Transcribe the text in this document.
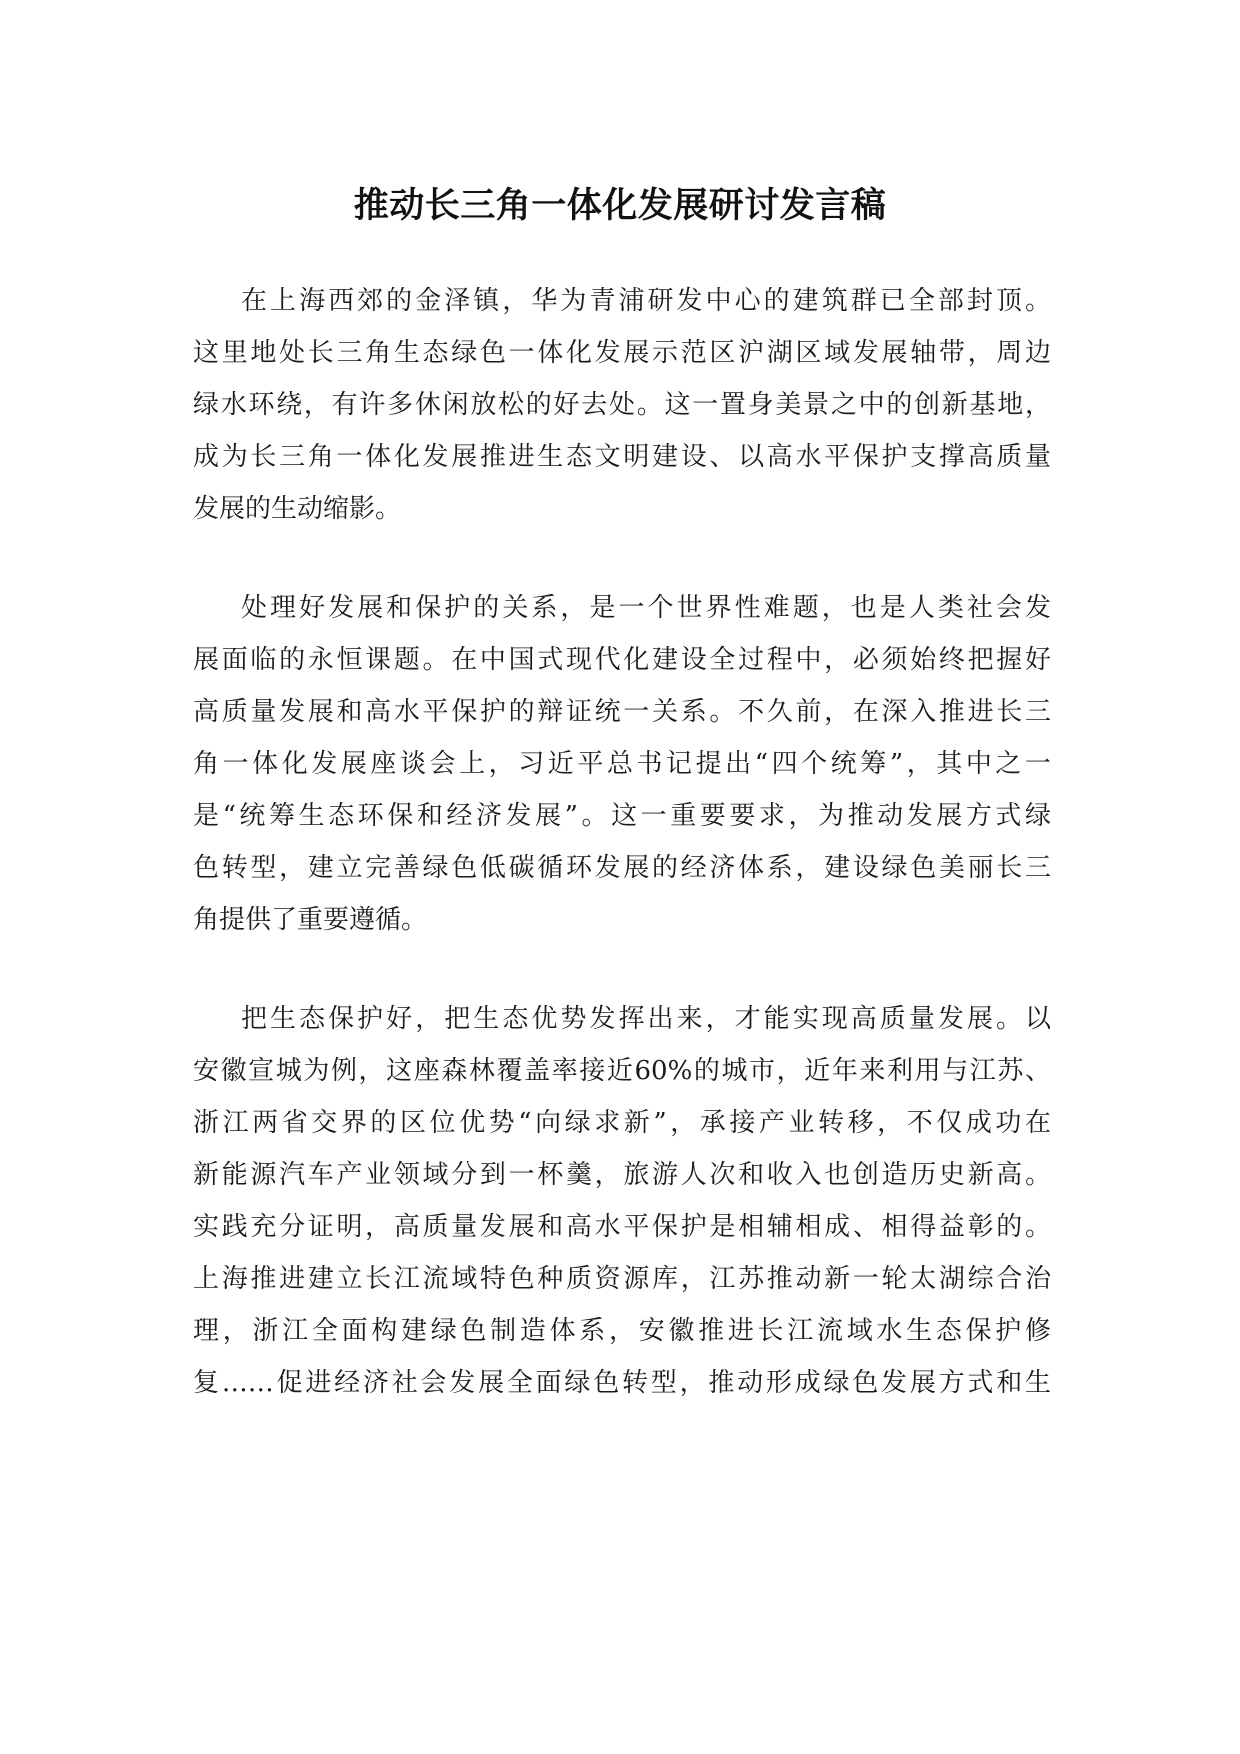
推动长三角一体化发展研讨发言稿

在上海西郊的金泽镇，华为青浦研发中心的建筑群已全部封顶。
这里地处长三角生态绿色一体化发展示范区沪湖区域发展轴带，周边
绿水环绕，有许多休闲放松的好去处。这一置身美景之中的创新基地，
成为长三角一体化发展推进生态文明建设、以高水平保护支撑高质量
发展的生动缩影。

处理好发展和保护的关系，是一个世界性难题，也是人类社会发
展面临的永恒课题。在中国式现代化建设全过程中，必须始终把握好
高质量发展和高水平保护的辩证统一关系。不久前，在深入推进长三
角一体化发展座谈会上，习近平总书记提出“四个统筹”，其中之一
是“统筹生态环保和经济发展”。这一重要要求，为推动发展方式绿
色转型，建立完善绿色低碳循环发展的经济体系，建设绿色美丽长三
角提供了重要遵循。

把生态保护好，把生态优势发挥出来，才能实现高质量发展。以
安徽宣城为例，这座森林覆盖率接近60%的城市，近年来利用与江苏、
浙江两省交界的区位优势“向绿求新”，承接产业转移，不仅成功在
新能源汽车产业领域分到一杯羹，旅游人次和收入也创造历史新高。
实践充分证明，高质量发展和高水平保护是相辅相成、相得益彰的。
上海推进建立长江流域特色种质资源库，江苏推动新一轮太湖综合治
理，浙江全面构建绿色制造体系，安徽推进长江流域水生态保护修
复……促进经济社会发展全面绿色转型，推动形成绿色发展方式和生
